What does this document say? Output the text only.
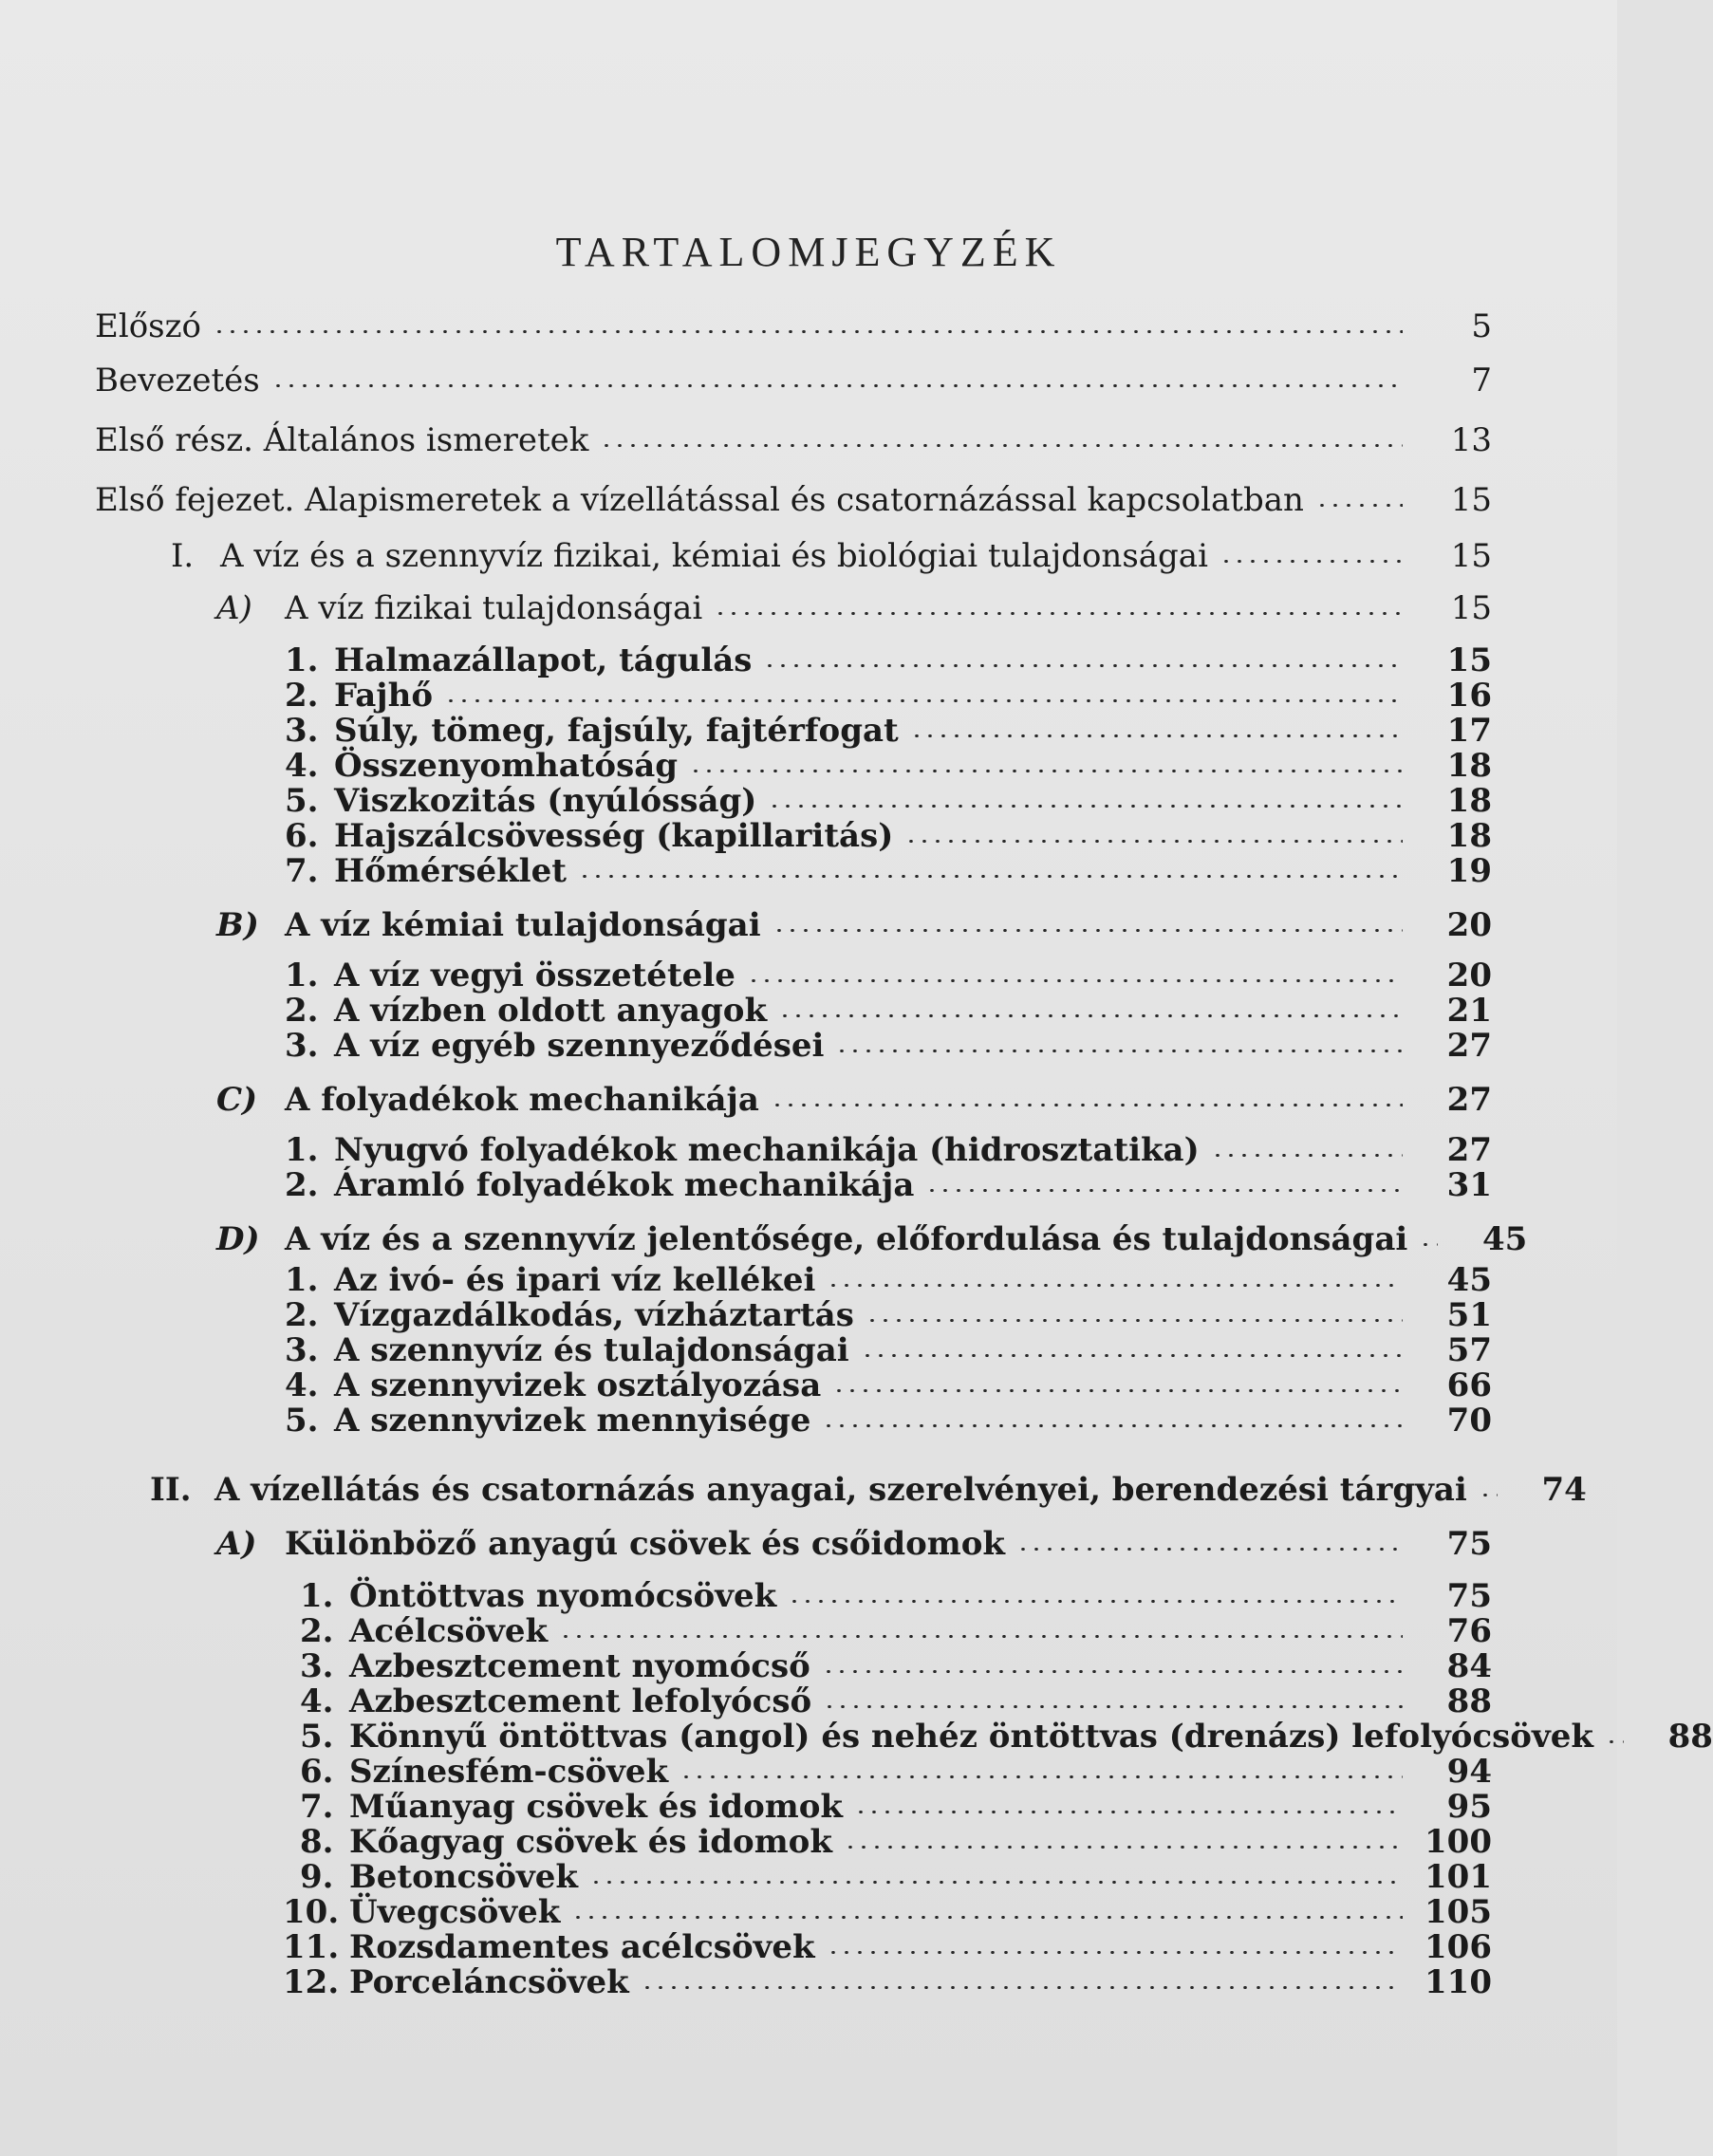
TARTALOMJEGYZÉK
Előszó	5
Bevezetés	7
Első rész. Általános ismeretek	13
Első fejezet. Alapismeretek a vízellátással és csatornázással kapcsolatban	15
I. A víz és a szennyvíz fizikai, kémiai és biológiai tulajdonságai	15
A)	A víz fizikai tulajdonságai	15
1. Halmazállapot, tágulás	15
2. Fajhő	16
3. Súly, tömeg, fajsúly, fajtérfogat	17
4. Összenyomhatóság	18
5. Viszkozitás (nyúlósság)	18
6. Hajszálcsövesség (kapillaritás)	18
7. Hőmérséklet	19
B) A víz kémiai tulajdonságai	20
1. A víz vegyi összetétele	20
2. A vízben oldott anyagok	21
3. A víz egyéb szennyeződései	27
C) A folyadékok mechanikája	27
1. Nyugvó folyadékok mechanikája (hidrosztatika)	27
2. Áramló folyadékok mechanikája	31
D) A víz és a szennyvíz jelentősége, előfordulása és tulajdonságai	45
1. Az ivó- és ipari víz kellékei	45
2. Vízgazdálkodás, vízháztartás	51
3. A szennyvíz és tulajdonságai	57
4. A szennyvizek osztályozása	66
5. A szennyvizek mennyisége	70
II. A vízellátás és csatornázás anyagai, szerelvényei, berendezési tárgyai	74
A) Különböző anyagú csövek és csőidomok	75
1. Öntöttvas nyomócsövek	75
2. Acélcsövek	76
3. Azbesztcement nyomócső	84
4. Azbesztcement lefolyócső	88
5. Könnyű öntöttvas (angol) és nehéz öntöttvas (drenázs) lefolyócsövek	88
6. Színesfém-csövek	94
7. Műanyag csövek és idomok	95
8. Kőagyag csövek és idomok	100
9. Betoncsövek	101
10. Üvegcsövek	105
11. Rozsdamentes acélcsövek	106
12. Porceláncsövek	110
